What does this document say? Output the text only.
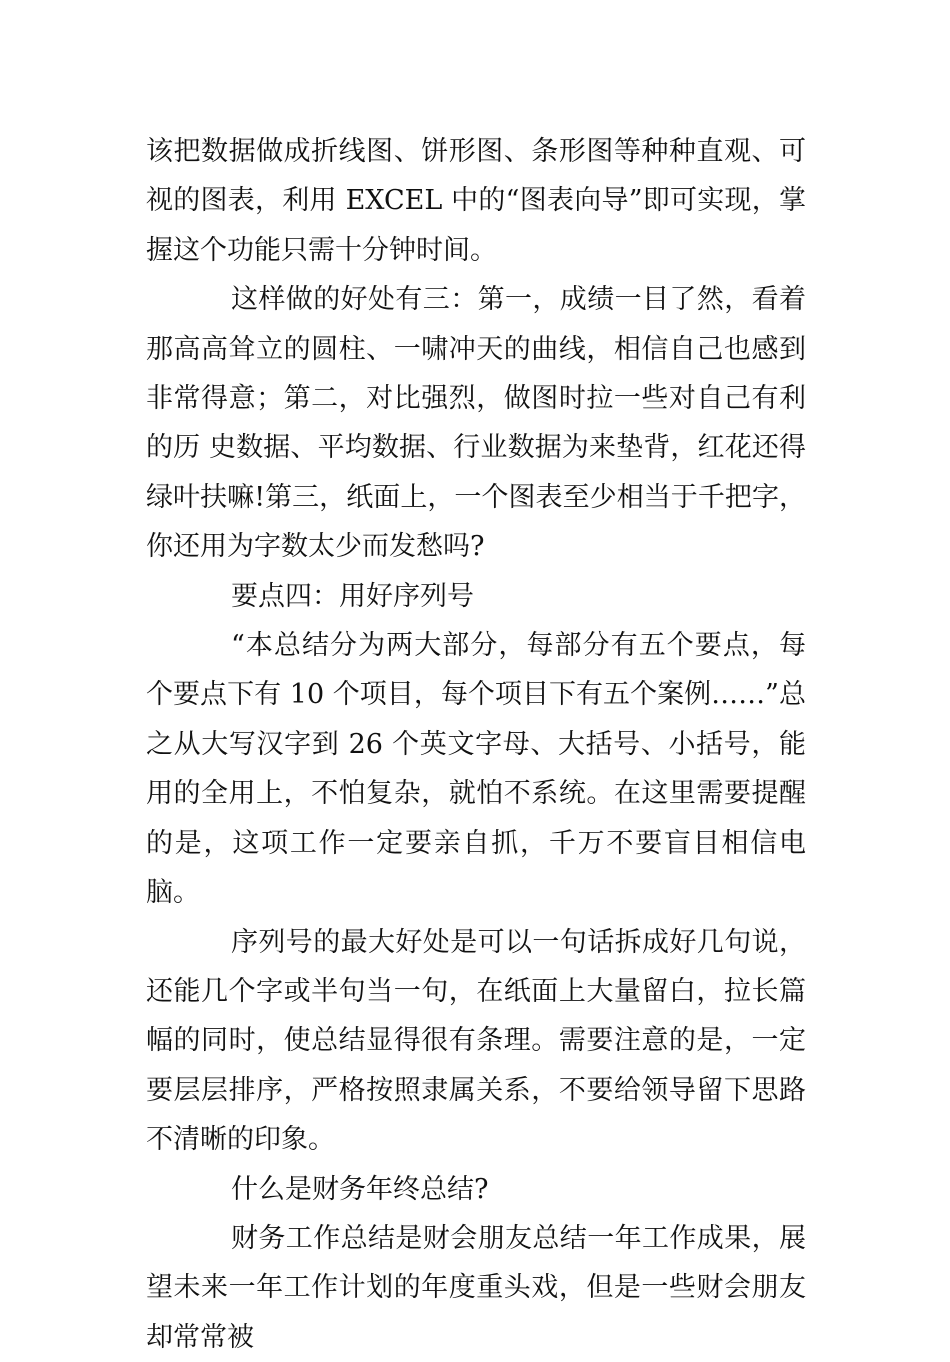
该把数据做成折线图、饼形图、条形图等种种直观、可视的图表，利用 EXCEL 中的“图表向导”即可实现，掌握这个功能只需十分钟时间。

这样做的好处有三：第一，成绩一目了然，看着那高高耸立的圆柱、一啸冲天的曲线，相信自己也感到非常得意；第二，对比强烈，做图时拉一些对自己有利的历 史数据、平均数据、行业数据为来垫背，红花还得绿叶扶嘛!第三，纸面上，一个图表至少相当于千把字，你还用为字数太少而发愁吗?

要点四：用好序列号

“本总结分为两大部分，每部分有五个要点，每个要点下有 10 个项目，每个项目下有五个案例……”总之从大写汉字到 26 个英文字母、大括号、小括号，能用的全用上，不怕复杂，就怕不系统。在这里需要提醒的是，这项工作一定要亲自抓，千万不要盲目相信电脑。

序列号的最大好处是可以一句话拆成好几句说，还能几个字或半句当一句，在纸面上大量留白，拉长篇幅的同时，使总结显得很有条理。需要注意的是，一定要层层排序，严格按照隶属关系，不要给领导留下思路不清晰的印象。

什么是财务年终总结?

财务工作总结是财会朋友总结一年工作成果，展望未来一年工作计划的年度重头戏，但是一些财会朋友却常常被
